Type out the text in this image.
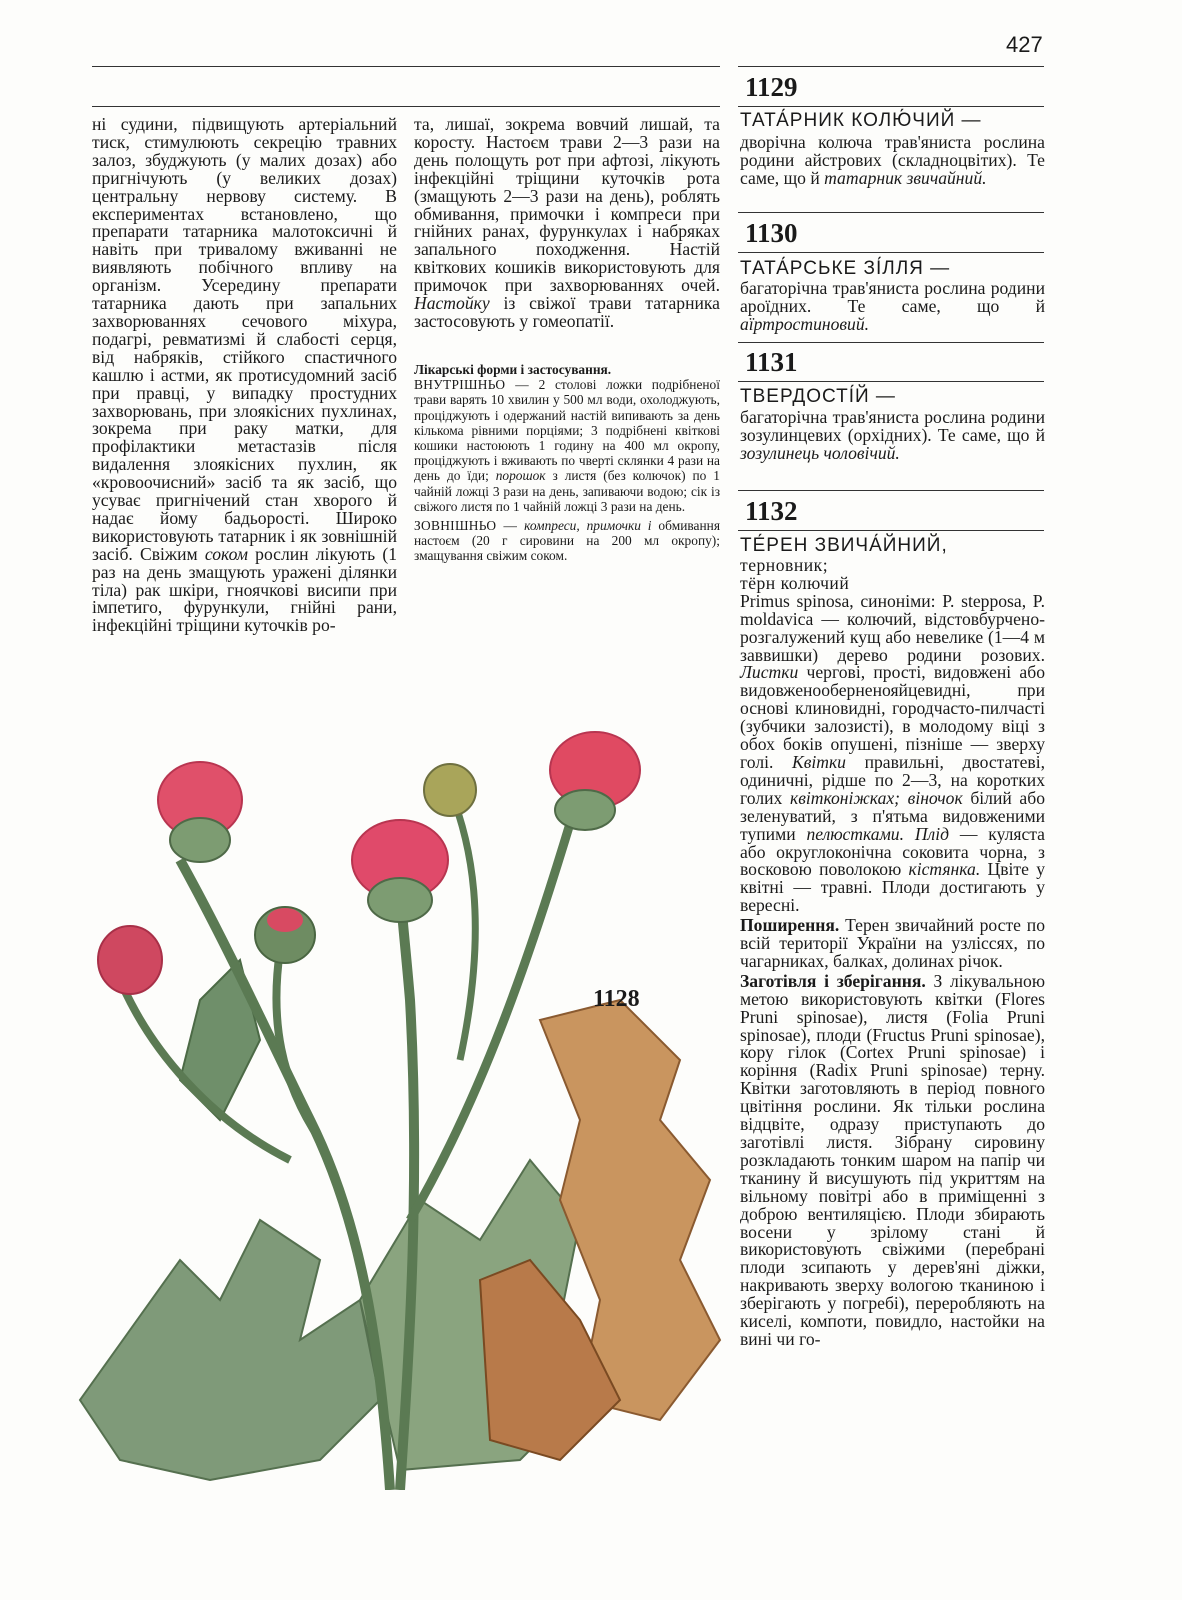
427

ні судини, підвищують артеріальний тиск, стимулюють секрецію травних залоз, збуджують (у малих дозах) або пригнічують (у великих дозах) центральну нервову систему. В експериментах встановлено, що препарати татарника малотоксичні й навіть при тривалому вживанні не виявляють побічного впливу на організм. Усередину препарати татарника дають при запальних захворюваннях сечового міхура, подагрі, ревматизмі й слабості серця, від набряків, стійкого спастичного кашлю і астми, як протисудомний засіб при правці, у випадку простудних захворювань, при злоякісних пухлинах, зокрема при раку матки, для профілактики метастазів після видалення злоякісних пухлин, як «кровоочисний» засіб та як засіб, що усуває пригнічений стан хворого й надає йому бадьорості. Широко використовують татарник і як зовнішній засіб. Свіжим соком рослин лікують (1 раз на день змащують уражені ділянки тіла) рак шкіри, гноячкові висипи при імпетиго, фурункули, гнійні рани, інфекційні тріщини куточків ро-

та, лишаї, зокрема вовчий лишай, та коросту. Настоєм трави 2—3 рази на день полощуть рот при афтозі, лікують інфекційні тріщини куточків рота (змащують 2—3 рази на день), роблять обмивання, примочки і компреси при гнійних ранах, фурункулах і набряках запального походження. Настій квіткових кошиків використовують для примочок при захворюваннях очей. Настойку із свіжої трави татарника застосовують у гомеопатії.

Лікарські форми і застосування.

ВНУТРІШНЬО — 2 столові ложки подрібненої трави варять 10 хвилин у 500 мл води, охолоджують, проціджують і одержаний настій випивають за день кількома рівними порціями; 3 подрібнені квіткові кошики настоюють 1 годину на 400 мл окропу, проціджують і вживають по чверті склянки 4 рази на день до їди; порошок з листя (без колючок) по 1 чайній ложці 3 рази на день, запиваючи водою; сік із свіжого листя по 1 чайній ложці 3 рази на день.

ЗОВНІШНЬО — компреси, примочки і обмивання настоєм (20 г сировини на 200 мл окропу); змащування свіжим соком.

1128
1129
ТАТА́РНИК КОЛЮ́ЧИЙ —

дворічна колюча трав'яниста рослина родини айстрових (складноцвітих). Те саме, що й татарник звичайний.

1130
ТАТА́РСЬКЕ ЗІ́ЛЛЯ —

багаторічна трав'яниста рослина родини ароїдних. Те саме, що й аїртростиновий.

1131
ТВЕРДОСТІ́Й —

багаторічна трав'яниста рослина родини зозулинцевих (орхідних). Те саме, що й зозулинець чоловічий.

1132
ТЕ́РЕН ЗВИЧА́ЙНИЙ,

терновник;

тёрн колючий

Primus spinosa, синоніми: P. stepposa, P. moldavica — колючий, відстовбурчено-розгалужений кущ або невелике (1—4 м заввишки) дерево родини розових. Листки чергові, прості, видовжені або видовженооберненояйцевидні, при основі клиновидні, городчасто-пилчасті (зубчики залозисті), в молодому віці з обох боків опушені, пізніше — зверху голі. Квітки правильні, двостатеві, одиничні, рідше по 2—3, на коротких голих квітконіжках; віночок білий або зеленуватий, з п'ятьма видовженими тупими пелюстками. Плід — куляста або округлоконічна соковита чорна, з восковою поволокою кістянка. Цвіте у квітні — травні. Плоди достигають у вересні.

Поширення. Терен звичайний росте по всій території України на узліссях, по чагарниках, балках, долинах річок.

Заготівля і зберігання. З лікувальною метою використовують квітки (Flores Pruni spinosae), листя (Folia Pruni spinosae), плоди (Fructus Pruni spinosae), кору гілок (Cortex Pruni spinosae) і коріння (Radix Pruni spinosae) терну. Квітки заготовляють в період повного цвітіння рослини. Як тільки рослина відцвіте, одразу приступають до заготівлі листя. Зібрану сировину розкладають тонким шаром на папір чи тканину й висушують під укриттям на вільному повітрі або в приміщенні з доброю вентиляцією. Плоди збирають восени у зрілому стані й використовують свіжими (перебрані плоди зсипають у дерев'яні діжки, накривають зверху вологою тканиною і зберігають у погребі), переробляють на киселі, компоти, повидло, настойки на вині чи го-
